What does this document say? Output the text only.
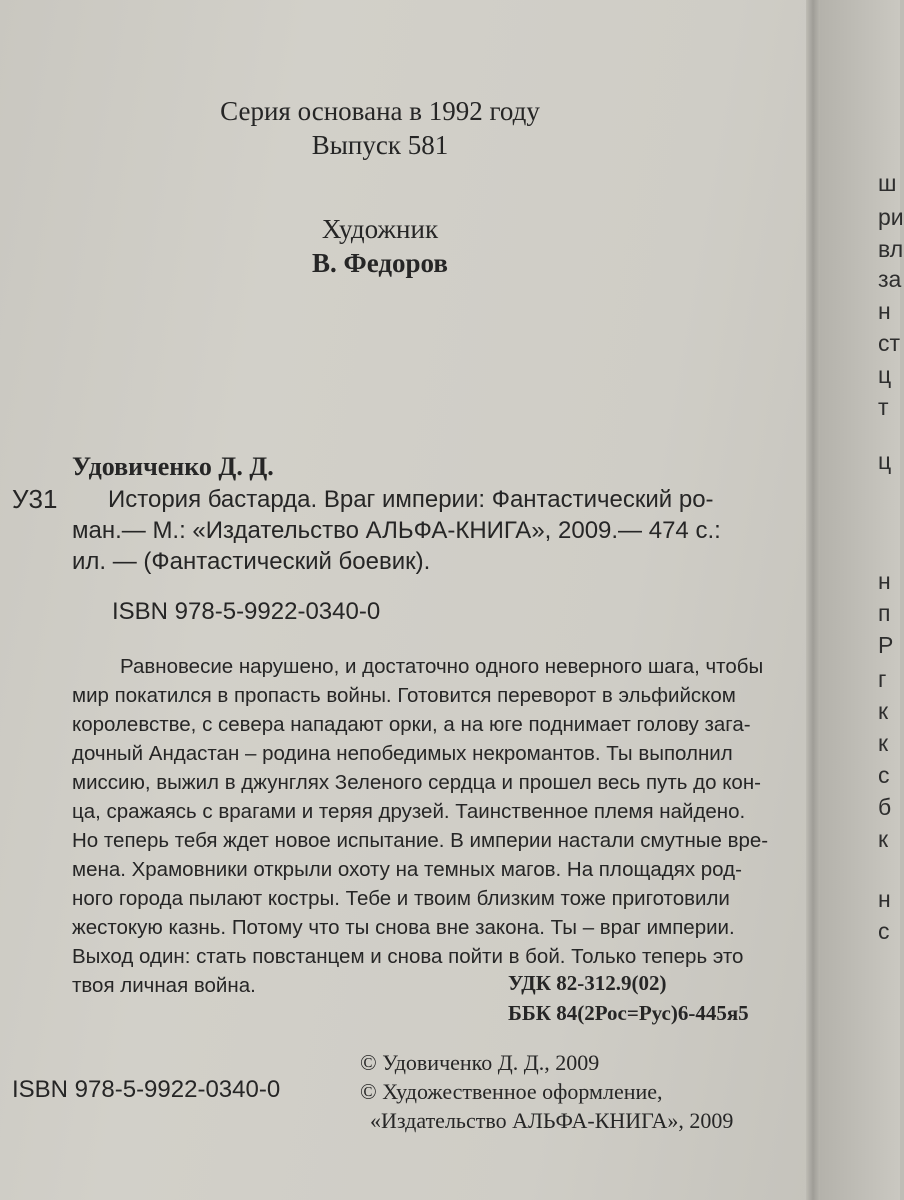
Серия основана в 1992 году
Выпуск 581
Художник
В. Федоров
Удовиченко Д. Д.
У31	История бастарда. Враг империи: Фантастический ро-
ман.— М.: «Издательство АЛЬФА-КНИГА», 2009.— 474 с.:
ил. — (Фантастический боевик).
ISBN 978-5-9922-0340-0
Равновесие нарушено, и достаточно одного неверного шага, чтобы
мир покатился в пропасть войны. Готовится переворот в эльфийском
королевстве, с севера нападают орки, а на юге поднимает голову зага-
дочный Андастан – родина непобедимых некромантов. Ты выполнил
миссию, выжил в джунглях Зеленого сердца и прошел весь путь до кон-
ца, сражаясь с врагами и теряя друзей. Таинственное племя найдено.
Но теперь тебя ждет новое испытание. В империи настали смутные вре-
мена. Храмовники открыли охоту на темных магов. На площадях род-
ного города пылают костры. Тебе и твоим близким тоже приготовили
жестокую казнь. Потому что ты снова вне закона. Ты – враг империи.
Выход один: стать повстанцем и снова пойти в бой. Только теперь это
твоя личная война.	УДК 82-312.9(02)
ББК 84(2Рос=Рус)6-445я5
© Удовиченко Д. Д., 2009
© Художественное оформление,
«Издательство АЛЬФА-КНИГА», 2009
ISBN 978-5-9922-0340-0
ш
ри
вл
за
н
ст
ц
т
ц
н
п
Р
г
к
к
с
б
к
н
с
